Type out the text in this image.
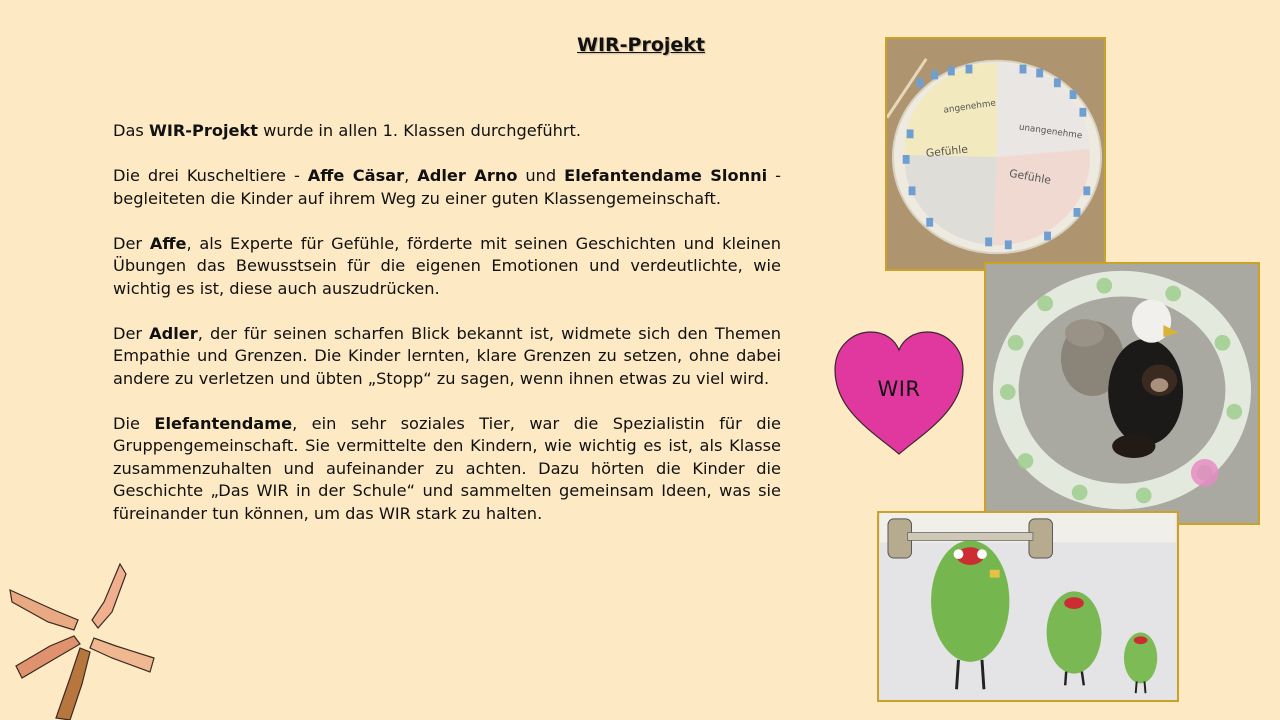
WIR-Projekt

Das WIR-Projekt wurde in allen 1. Klassen durchgeführt.

Die drei Kuscheltiere - Affe Cäsar, Adler Arno und Elefantendame Slonni - begleiteten die Kinder auf ihrem Weg zu einer guten Klassengemeinschaft.

Der Affe, als Experte für Gefühle, förderte mit seinen Geschichten und kleinen Übungen das Bewusstsein für die eigenen Emotionen und verdeutlichte, wie wichtig es ist, diese auch auszudrücken.

Der Adler, der für seinen scharfen Blick bekannt ist, widmete sich den Themen Empathie und Grenzen. Die Kinder lernten, klare Grenzen zu setzen, ohne dabei andere zu verletzen und übten „Stopp“ zu sagen, wenn ihnen etwas zu viel wird.

Die Elefantendame, ein sehr soziales Tier, war die Spezialistin für die Gruppengemeinschaft. Sie vermittelte den Kindern, wie wichtig es ist, als Klasse zusammenzuhalten und aufeinander zu achten. Dazu hörten die Kinder die Geschichte „Das WIR in der Schule“ und sammelten gemeinsam Ideen, was sie füreinander tun können, um das WIR stark zu halten.

angenehme
unangenehme
Gefühle
Gefühle
WIR
